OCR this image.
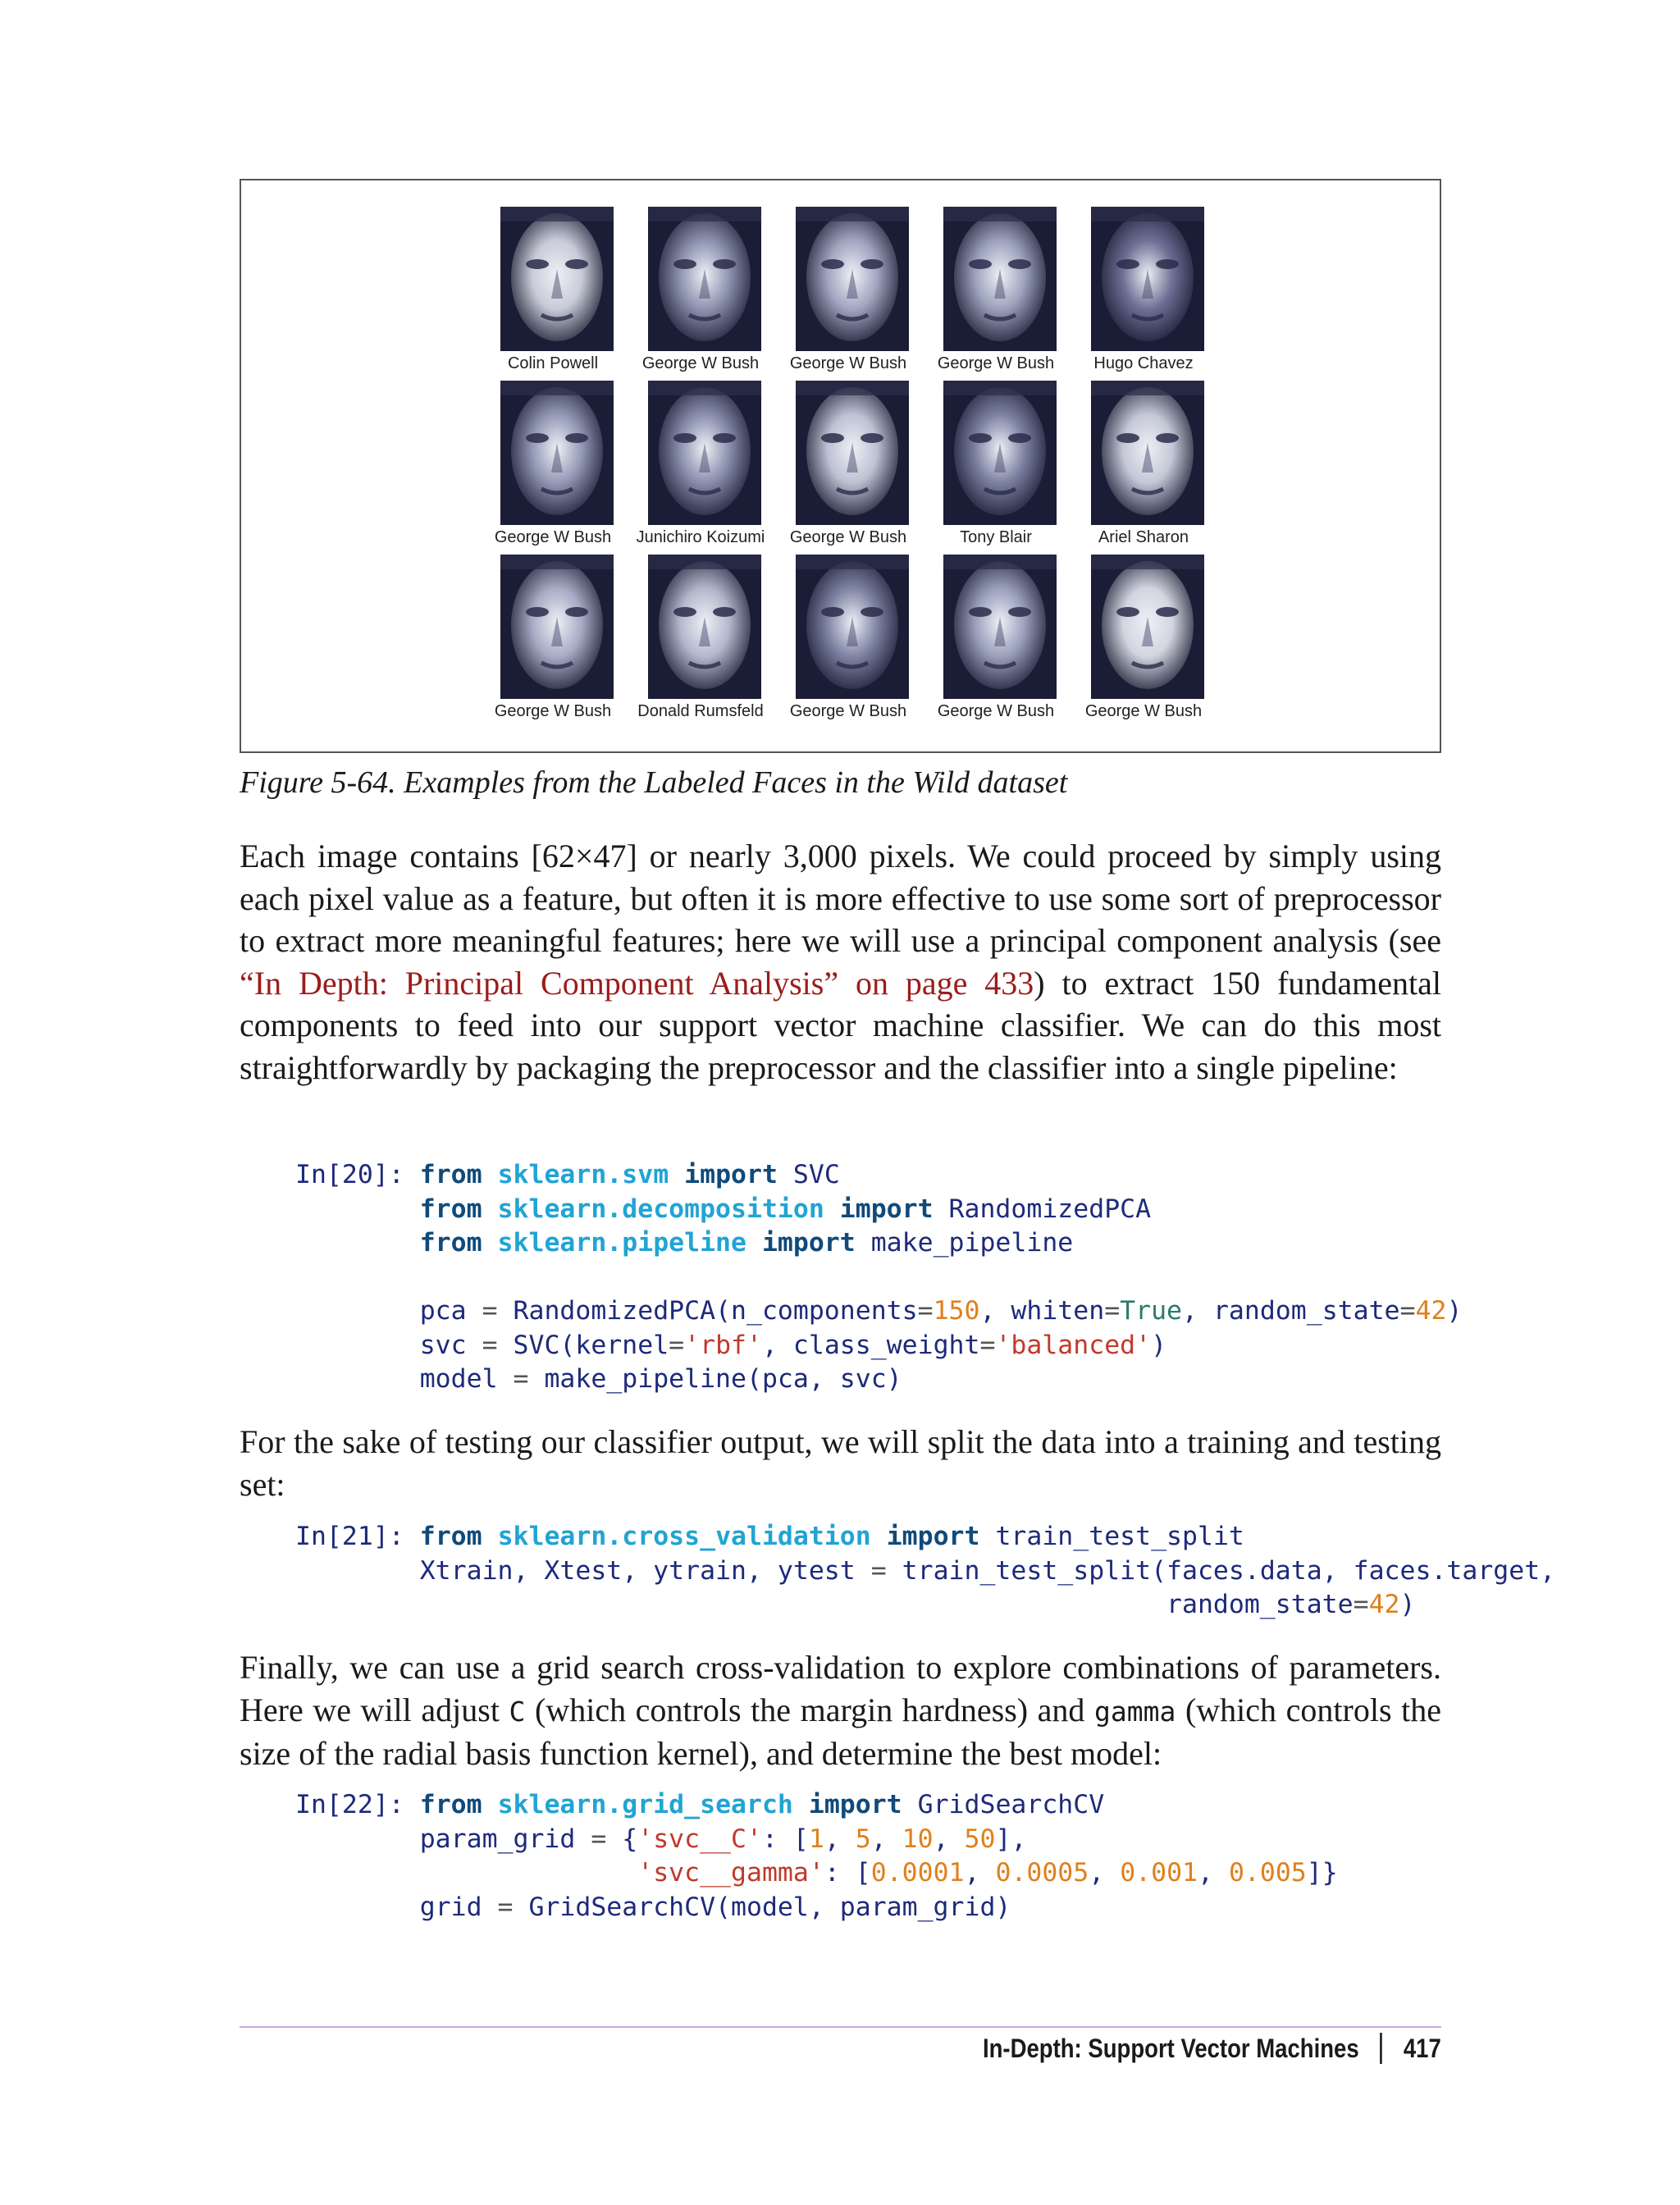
Colin Powell	George W Bush	George W Bush	George W Bush	Hugo Chavez
George W Bush	Junichiro Koizumi	George W Bush	Tony Blair	Ariel Sharon
George W Bush	Donald Rumsfeld	George W Bush	George W Bush	George W Bush
Figure 5-64. Examples from the Labeled Faces in the Wild dataset

Each image contains [62×47] or nearly 3,000 pixels. We could proceed by simply using each pixel value as a feature, but often it is more effective to use some sort of preprocessor to extract more meaningful features; here we will use a principal component analysis (see “In Depth: Principal Component Analysis” on page 433) to extract 150 fundamental components to feed into our support vector machine classifier. We can do this most straightforwardly by packaging the preprocessor and the classifier into a single pipeline:

In[20]: from sklearn.svm import SVC
from sklearn.decomposition import RandomizedPCA
from sklearn.pipeline import make_pipeline

pca = RandomizedPCA(n_components=150, whiten=True, random_state=42)
svc = SVC(kernel='rbf', class_weight='balanced')
model = make_pipeline(pca, svc)

For the sake of testing our classifier output, we will split the data into a training and testing set:

In[21]: from sklearn.cross_validation import train_test_split
Xtrain, Xtest, ytrain, ytest = train_test_split(faces.data, faces.target,
random_state=42)

Finally, we can use a grid search cross-validation to explore combinations of parameters. Here we will adjust C (which controls the margin hardness) and gamma (which controls the size of the radial basis function kernel), and determine the best model:

In[22]: from sklearn.grid_search import GridSearchCV
param_grid = {'svc__C': [1, 5, 10, 50],
'svc__gamma': [0.0001, 0.0005, 0.001, 0.005]}
grid = GridSearchCV(model, param_grid)
In-Depth: Support Vector Machines 417
